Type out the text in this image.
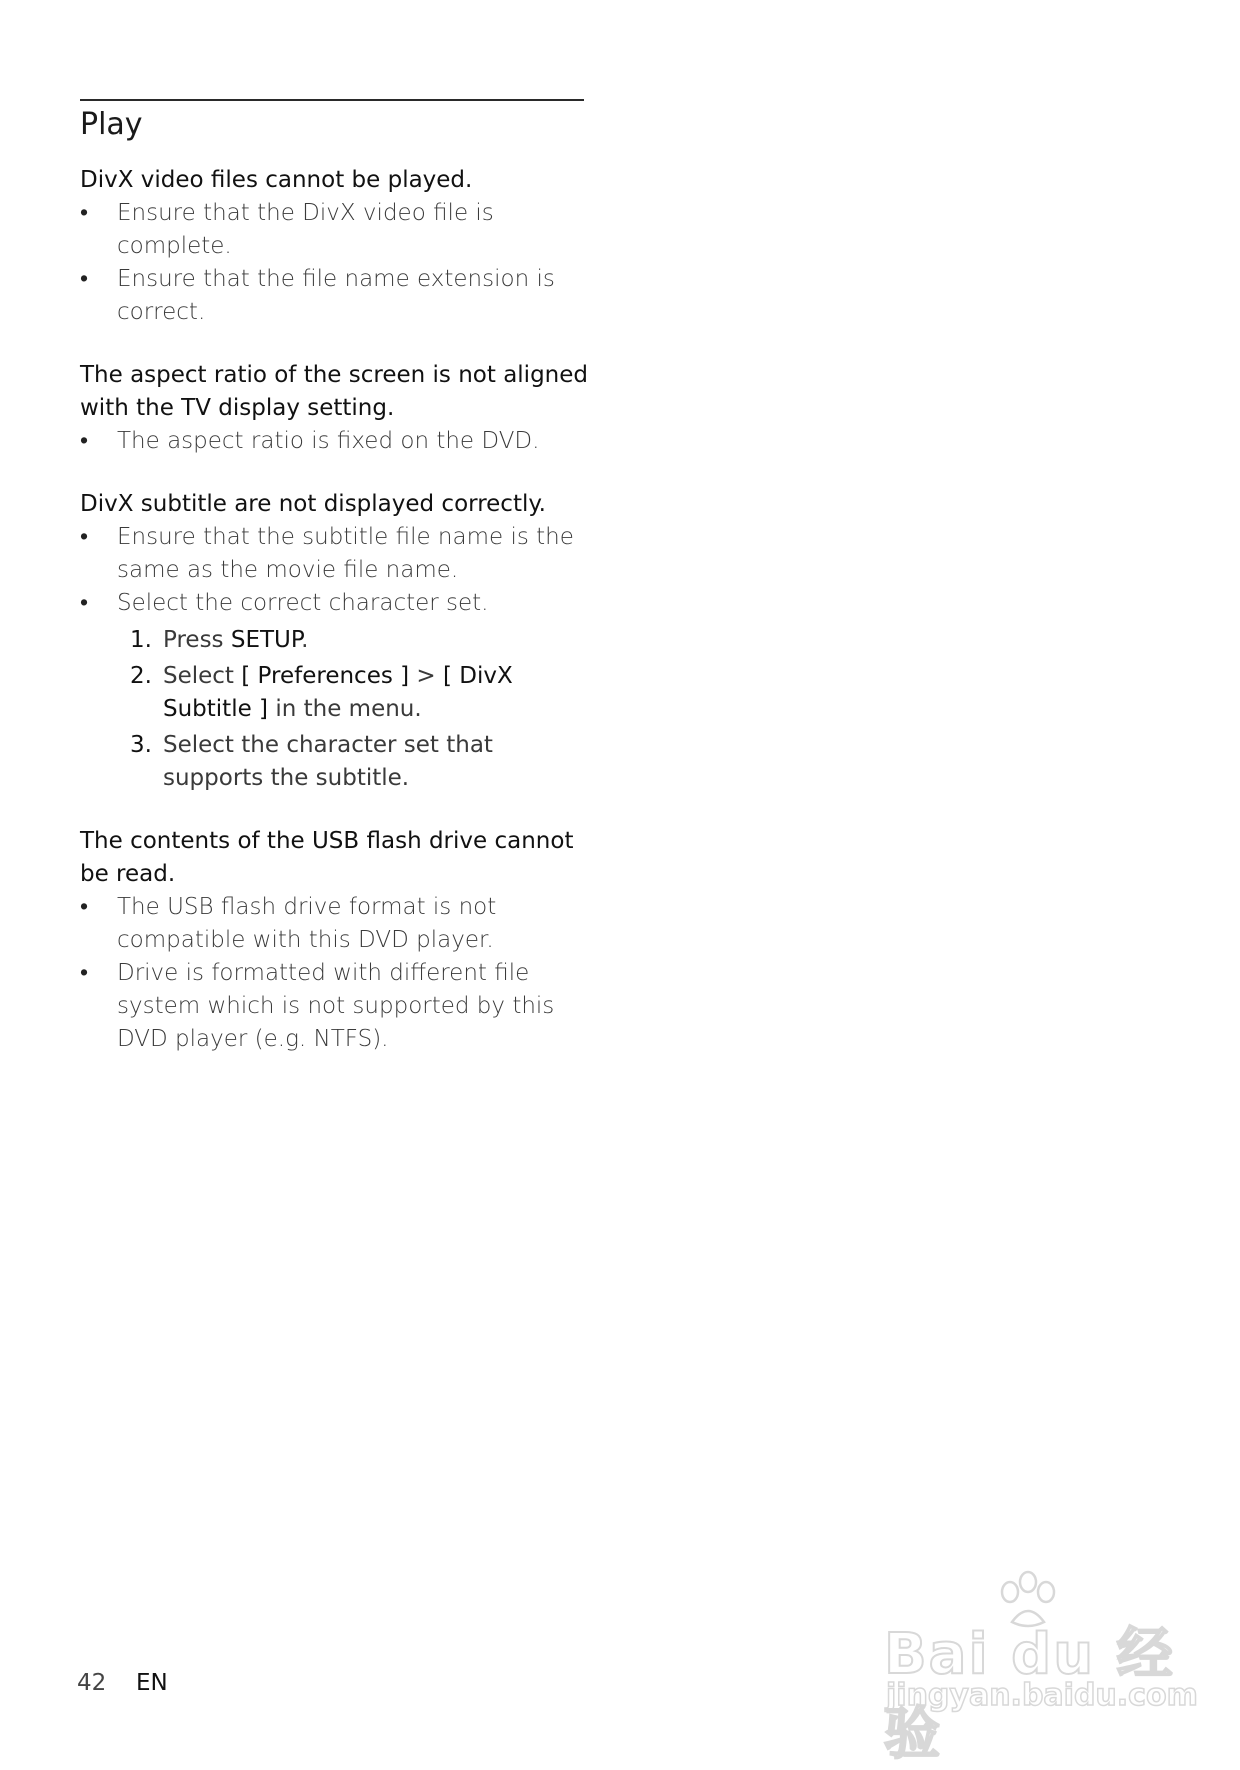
Play

DivX video files cannot be played.

• Ensure that the DivX video file is complete.
• Ensure that the file name extension is correct.

The aspect ratio of the screen is not aligned with the TV display setting.

• The aspect ratio is fixed on the DVD.

DivX subtitle are not displayed correctly.

• Ensure that the subtitle file name is the same as the movie file name.
• Select the correct character set.
1. Press SETUP.
2. Select [ Preferences ] > [ DivX Subtitle ] in the menu.
3. Select the character set that supports the subtitle.

The contents of the USB flash drive cannot be read.

• The USB flash drive format is not compatible with this DVD player.
• Drive is formatted with different file system which is not supported by this DVD player (e.g. NTFS).
42 EN	Bai du 经验
jingyan.baidu.com
